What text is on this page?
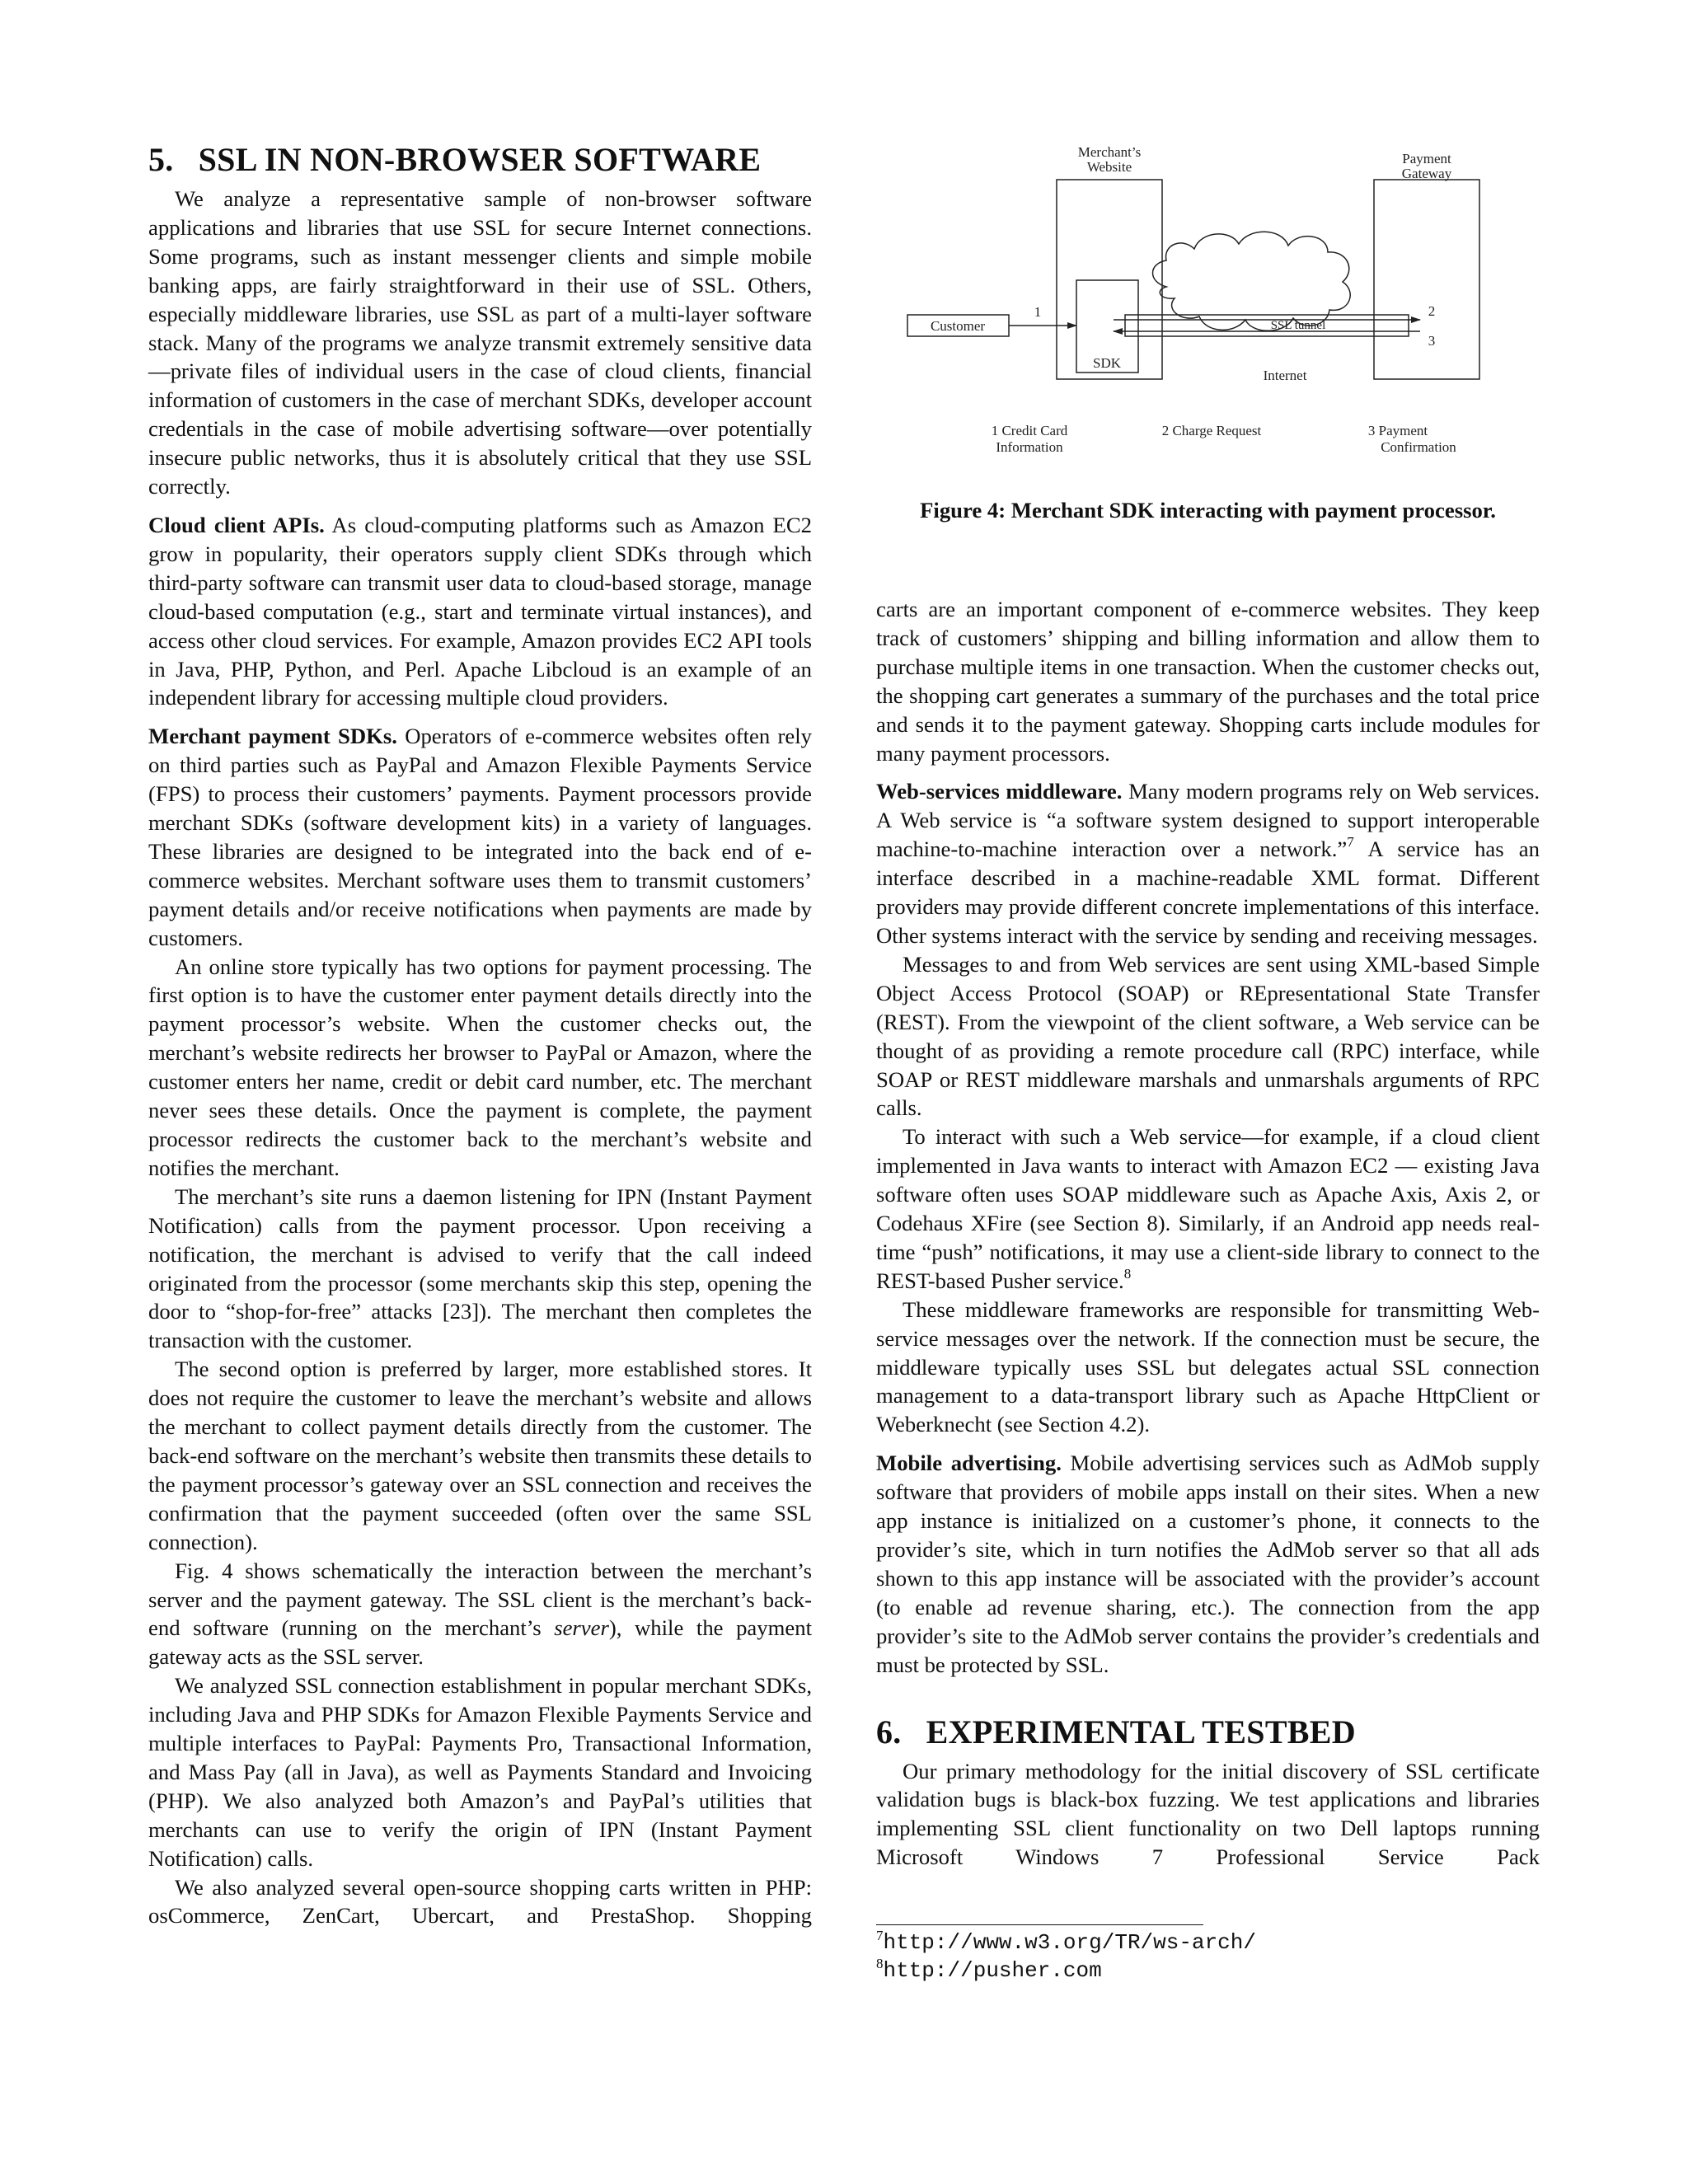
5. SSL IN NON-BROWSER SOFTWARE

We analyze a representative sample of non-browser software applications and libraries that use SSL for secure Internet connections. Some programs, such as instant messenger clients and simple mobile banking apps, are fairly straightforward in their use of SSL. Others, especially middleware libraries, use SSL as part of a multi-layer software stack. Many of the programs we analyze transmit extremely sensitive data—private files of individual users in the case of cloud clients, financial information of customers in the case of merchant SDKs, developer account credentials in the case of mobile advertising software—over potentially insecure public networks, thus it is absolutely critical that they use SSL correctly.

Cloud client APIs. As cloud-computing platforms such as Amazon EC2 grow in popularity, their operators supply client SDKs through which third-party software can transmit user data to cloud-based storage, manage cloud-based computation (e.g., start and terminate virtual instances), and access other cloud services. For example, Amazon provides EC2 API tools in Java, PHP, Python, and Perl. Apache Libcloud is an example of an independent library for accessing multiple cloud providers.

Merchant payment SDKs. Operators of e-commerce websites often rely on third parties such as PayPal and Amazon Flexible Payments Service (FPS) to process their customers’ payments. Payment processors provide merchant SDKs (software development kits) in a variety of languages. These libraries are designed to be integrated into the back end of e-commerce websites. Merchant software uses them to transmit customers’ payment details and/or receive notifications when payments are made by customers.

An online store typically has two options for payment processing. The first option is to have the customer enter payment details directly into the payment processor’s website. When the customer checks out, the merchant’s website redirects her browser to PayPal or Amazon, where the customer enters her name, credit or debit card number, etc. The merchant never sees these details. Once the payment is complete, the payment processor redirects the customer back to the merchant’s website and notifies the merchant.

The merchant’s site runs a daemon listening for IPN (Instant Payment Notification) calls from the payment processor. Upon receiving a notification, the merchant is advised to verify that the call indeed originated from the processor (some merchants skip this step, opening the door to “shop-for-free” attacks [23]). The merchant then completes the transaction with the customer.

The second option is preferred by larger, more established stores. It does not require the customer to leave the merchant’s website and allows the merchant to collect payment details directly from the customer. The back-end software on the merchant’s website then transmits these details to the payment processor’s gateway over an SSL connection and receives the confirmation that the payment succeeded (often over the same SSL connection).

Fig. 4 shows schematically the interaction between the merchant’s server and the payment gateway. The SSL client is the merchant’s back-end software (running on the merchant’s server), while the payment gateway acts as the SSL server.

We analyzed SSL connection establishment in popular merchant SDKs, including Java and PHP SDKs for Amazon Flexible Payments Service and multiple interfaces to PayPal: Payments Pro, Transactional Information, and Mass Pay (all in Java), as well as Payments Standard and Invoicing (PHP). We also analyzed both Amazon’s and PayPal’s utilities that merchants can use to verify the origin of IPN (Instant Payment Notification) calls.

We also analyzed several open-source shopping carts written in PHP: osCommerce, ZenCart, Ubercart, and PrestaShop. Shopping

Merchant’s
Website
Payment
Gateway
Customer
SDK
SSL tunnel
Internet
1	2
3
1 Credit Card
Information
2 Charge Request	3 Payment
Confirmation
Figure 4: Merchant SDK interacting with payment processor.

carts are an important component of e-commerce websites. They keep track of customers’ shipping and billing information and allow them to purchase multiple items in one transaction. When the customer checks out, the shopping cart generates a summary of the purchases and the total price and sends it to the payment gateway. Shopping carts include modules for many payment processors.

Web-services middleware. Many modern programs rely on Web services. A Web service is “a software system designed to support interoperable machine-to-machine interaction over a network.”$^7$ A service has an interface described in a machine-readable XML format. Different providers may provide different concrete implementations of this interface. Other systems interact with the service by sending and receiving messages.

Messages to and from Web services are sent using XML-based Simple Object Access Protocol (SOAP) or REpresentational State Transfer (REST). From the viewpoint of the client software, a Web service can be thought of as providing a remote procedure call (RPC) interface, while SOAP or REST middleware marshals and unmarshals arguments of RPC calls.

To interact with such a Web service—for example, if a cloud client implemented in Java wants to interact with Amazon EC2 — existing Java software often uses SOAP middleware such as Apache Axis, Axis 2, or Codehaus XFire (see Section 8). Similarly, if an Android app needs real-time “push” notifications, it may use a client-side library to connect to the REST-based Pusher service.$^8$

These middleware frameworks are responsible for transmitting Web-service messages over the network. If the connection must be secure, the middleware typically uses SSL but delegates actual SSL connection management to a data-transport library such as Apache HttpClient or Weberknecht (see Section 4.2).

Mobile advertising. Mobile advertising services such as AdMob supply software that providers of mobile apps install on their sites. When a new app instance is initialized on a customer’s phone, it connects to the provider’s site, which in turn notifies the AdMob server so that all ads shown to this app instance will be associated with the provider’s account (to enable ad revenue sharing, etc.). The connection from the app provider’s site to the AdMob server contains the provider’s credentials and must be protected by SSL.

6. EXPERIMENTAL TESTBED

Our primary methodology for the initial discovery of SSL certificate validation bugs is black-box fuzzing. We test applications and libraries implementing SSL client functionality on two Dell laptops running Microsoft Windows 7 Professional Service Pack

$^7$http://www.w3.org/TR/ws-arch/
$^8$http://pusher.com
